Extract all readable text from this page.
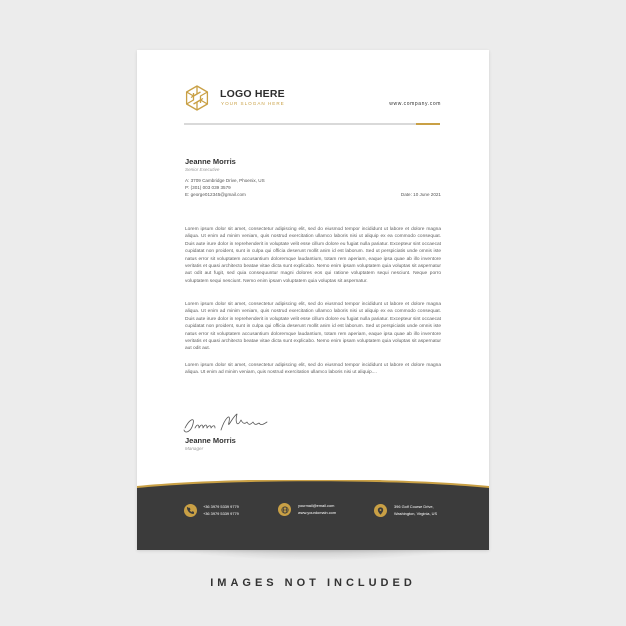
LOGO HERE
YOUR SLOGAN HERE	www.company.com
Jeanne Morris
Senior Executive
A: 3709 Cambridge Drive, Phoenix, US
P: (301) 003 039 3579
E: george012345@gmail.com	Date: 10 June 2021

Lorem ipsum dolor sit amet, consectetur adipiscing elit, sed do eiusmod tempor incididunt ut labore et dolore magna aliqua. Ut enim ad minim veniam, quis nostrud exercitation ullamco laboris nisi ut aliquip ex ea commodo consequat. Duis aute irure dolor in reprehenderit in voluptate velit esse cillum dolore eu fugiat nulla pariatur. Excepteur sint occaecat cupidatat non proident, sunt in culpa qui officia deserunt mollit anim id est laborum. Sed ut perspiciatis unde omnis iste natus error sit voluptatem accusantium doloremque laudantium, totam rem aperiam, eaque ipsa quae ab illo inventore veritatis et quasi architecto beatae vitae dicta sunt explicabo. Nemo enim ipsam voluptatem quia voluptas sit aspernatur aut odit aut fugit, sed quia consequuntur magni dolores eos qui ratione voluptatem sequi nesciunt. Neque porro voluptatem sequi nesciunt. Nemo enim ipsam voluptatem quia voluptas sit aspernatur.

Lorem ipsum dolor sit amet, consectetur adipiscing elit, sed do eiusmod tempor incididunt ut labore et dolore magna aliqua. Ut enim ad minim veniam, quis nostrud exercitation ullamco laboris nisi ut aliquip ex ea commodo consequat. Duis aute irure dolor in reprehenderit in voluptate velit esse cillum dolore eu fugiat nulla pariatur. Excepteur sint occaecat cupidatat non proident, sunt in culpa qui officia deserunt mollit anim id est laborum. Sed ut perspiciatis unde omnis iste natus error sit voluptatem accusantium doloremque laudantium, totam rem aperiam, eaque ipsa quae ab illo inventore veritatis et quasi architecto beatae vitae dicta sunt explicabo. Nemo enim ipsam voluptatem quia voluptas sit aspernatur aut odit aut.

Lorem ipsum dolor sit amet, consectetur adipiscing elit, sed do eiusmod tempor incididunt ut labore et dolore magna aliqua. Ut enim ad minim veniam, quis nostrud exercitation ullamco laboris nisi ut aliquip....

Jeanne Morris
Manager
+36 3979 5339 9779
+36 3979 5339 9779
yourmail@email.com
www.yourdomain.com
396 Golf Course Drive,
Washington, Virginia, US
IMAGES NOT INCLUDED
